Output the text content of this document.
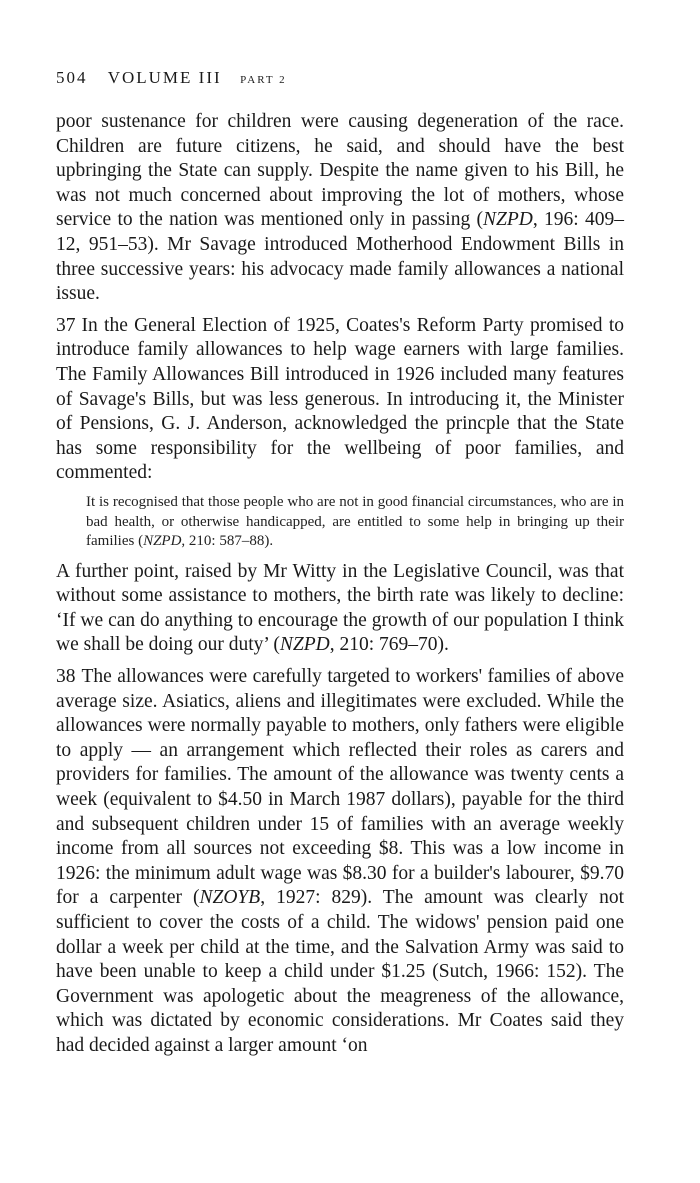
504 VOLUME III PART 2

poor sustenance for children were causing degeneration of the race. Children are future citizens, he said, and should have the best upbringing the State can supply. Despite the name given to his Bill, he was not much concerned about improving the lot of mothers, whose service to the nation was mentioned only in passing (NZPD, 196: 409–12, 951–53). Mr Savage introduced Motherhood Endowment Bills in three successive years: his advocacy made family allowances a national issue.

37 In the General Election of 1925, Coates's Reform Party promised to introduce family allowances to help wage earners with large families. The Family Allowances Bill introduced in 1926 included many features of Savage's Bills, but was less generous. In introducing it, the Minister of Pensions, G. J. Anderson, acknowledged the princple that the State has some responsibility for the wellbeing of poor families, and commented:

It is recognised that those people who are not in good financial circumstances, who are in bad health, or otherwise handicapped, are entitled to some help in bringing up their families (NZPD, 210: 587–88).

A further point, raised by Mr Witty in the Legislative Council, was that without some assistance to mothers, the birth rate was likely to decline: ‘If we can do anything to encourage the growth of our population I think we shall be doing our duty’ (NZPD, 210: 769–70).

38 The allowances were carefully targeted to workers' families of above average size. Asiatics, aliens and illegitimates were excluded. While the allowances were normally payable to mothers, only fathers were eligible to apply — an arrangement which reflected their roles as carers and providers for families. The amount of the allowance was twenty cents a week (equivalent to $4.50 in March 1987 dollars), payable for the third and subsequent children under 15 of families with an average weekly income from all sources not exceeding $8. This was a low income in 1926: the minimum adult wage was $8.30 for a builder's labourer, $9.70 for a carpenter (NZOYB, 1927: 829). The amount was clearly not sufficient to cover the costs of a child. The widows' pension paid one dollar a week per child at the time, and the Salvation Army was said to have been unable to keep a child under $1.25 (Sutch, 1966: 152). The Government was apologetic about the meagreness of the allowance, which was dictated by economic considerations. Mr Coates said they had decided against a larger amount ‘on
